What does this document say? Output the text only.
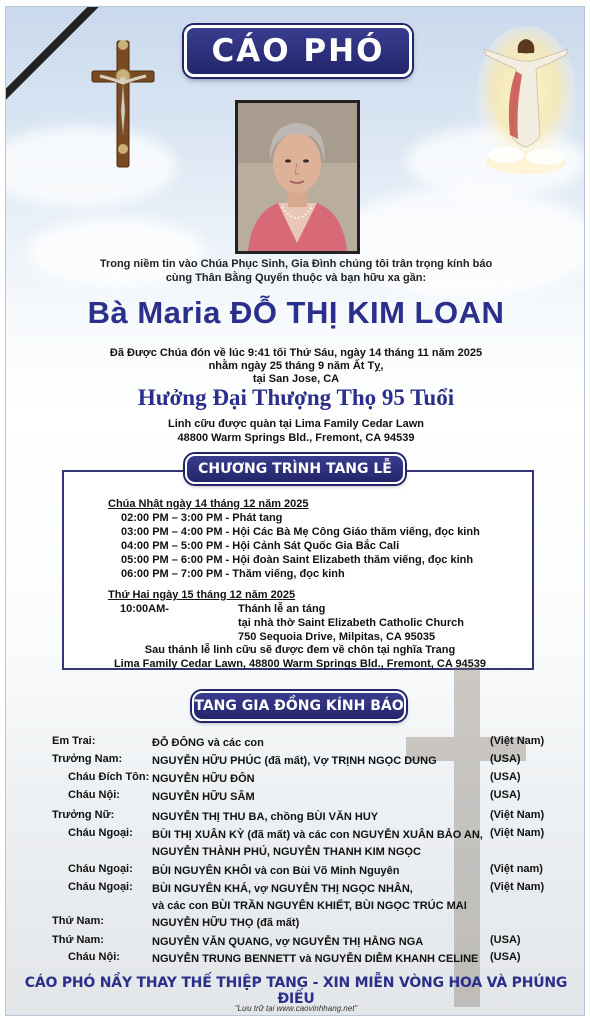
CÁO PHÓ
Trong niềm tin vào Chúa Phục Sinh, Gia Đình chúng tôi trân trọng kính báo
cùng Thân Bằng Quyến thuộc và bạn hữu xa gần:
Bà Maria ĐỖ THỊ KIM LOAN
Đã Được Chúa đón về lúc 9:41 tối Thứ Sáu, ngày 14 tháng 11 năm 2025
nhằm ngày 25 tháng 9 năm Ất Tỵ,
tại San Jose, CA
Hưởng Đại Thượng Thọ 95 Tuổi
Linh cữu được quàn tại Lima Family Cedar Lawn
48800 Warm Springs Bld., Fremont, CA 94539
Chúa Nhật ngày 14 tháng 12 năm 2025
02:00 PM – 3:00 PM - Phát tang
03:00 PM – 4:00 PM - Hội Các Bà Mẹ Công Giáo thăm viếng, đọc kinh
04:00 PM – 5:00 PM - Hội Cảnh Sát Quốc Gia Bắc Cali
05:00 PM – 6:00 PM - Hội đoàn Saint Elizabeth thăm viếng, đọc kinh
06:00 PM – 7:00 PM - Thăm viếng, đọc kinh
Thứ Hai ngày 15 tháng 12 năm 2025
10:00AM-	Thánh lễ an táng
tại nhà thờ Saint Elizabeth Catholic Church
750 Sequoia Drive, Milpitas, CA 95035
Sau thánh lễ linh cữu sẽ được đem về chôn tại nghĩa Trang
Lima Family Cedar Lawn, 48800 Warm Springs Bld., Fremont, CA 94539
CHƯƠNG TRÌNH TANG LỄ
TANG GIA ĐỒNG KÍNH BÁO
Em Trai:	ĐỖ ĐÔNG và các con	(Việt Nam)
Trưởng Nam:	NGUYỄN HỮU PHÚC (đã mất), Vợ TRỊNH NGỌC DUNG	(USA)
Cháu Đích Tôn: NGUYỄN HỮU ĐÔN	(USA)
Cháu Nội:	NGUYỄN HỮU SÂM	(USA)
Trưởng Nữ:	NGUYỄN THỊ THU BA, chồng BÙI VĂN HUY	(Việt Nam)
Cháu Ngoại: BÙI THỊ XUÂN KỲ (đã mất) và các con NGUYỄN XUÂN BẢO AN,
NGUYỄN THÀNH PHÚ, NGUYỄN THANH KIM NGỌC
(Việt Nam)
Cháu Ngoại: BÙI NGUYÊN KHÔI và con Bùi Võ Minh Nguyên	(Việt nam)
Cháu Ngoại: BÙI NGUYÊN KHÁ, vợ NGUYỄN THỊ NGỌC NHÂN,
và các con BÙI TRẦN NGUYÊN KHIẾT, BÙI NGỌC TRÚC MAI
(Việt Nam)
Thứ Nam:	NGUYỄN HỮU THỌ (đã mất)
Thứ Nam:	NGUYỄN VĂN QUANG, vợ NGUYỄN THỊ HẰNG NGA	(USA)
Cháu Nội:	NGUYỄN TRUNG BENNETT và NGUYỄN DIỄM KHANH CELINE (USA)
CÁO PHÓ NẦY THAY THẾ THIỆP TANG - XIN MIỄN VÒNG HOA VÀ PHÚNG ĐIẾU
"Lưu trữ tại www.caovinhhang.net"
